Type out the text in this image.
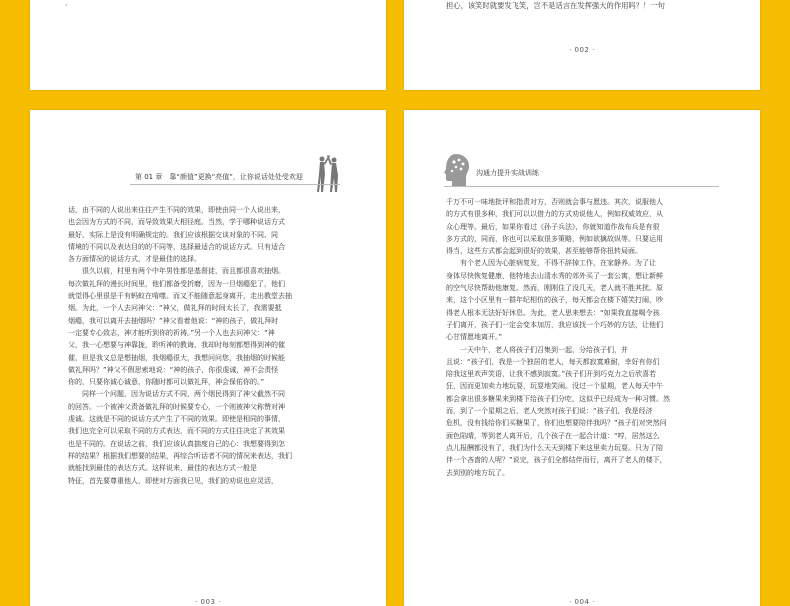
·	担心，该笑时就要发飞笑，岂不是话言在发挥强大的作用吗？！一句
· 002 ·
第 01 章　靠“颜值”更换“亮值”，让你说话处处受欢迎
话，由不同的人说出来往往产生不同的效果，即使由同一个人说出来，
也会因为方式的不同，而导致效果大相径庭。当然，学于哪种说话方式
最好，实际上是没有明确规定的。我们应该根据交谈对象的不同、同
情境的不同以及表达目的的不同等，选择最适合的说话方式。只有适合
各方面情况的说话方式，才是最佳的选择。
　　很久以前，村里有两个中年男性都是基督徒，而且都很喜欢抽烟。
每次做礼拜的漫长时间里，他们都备受折磨，因为一旦烟瘾犯了，他们
就觉得心里很是千有蚂蚁在啃噬。而又不能随意起身离开，走出教堂去抽
烟。为此，一个人去问神父：“神父，做礼拜的时间太长了，我需要抵
烟瘾，我可以离开去抽烟吗？”神父看着他说：“神的孩子，做礼拜时
一定要专心致志，神才能听到你的祈祷。”另一个人也去问神父：“神
父，我一心想要与神靠拢，聆听神的教诲，我却时每刻都想得到神的催
催，但是我又总是想抽烟，我烟瘾很大，我想问问您，我抽烟的时候能
做礼拜吗？”神父不假思索地说：“神的孩子，你很虔诚，神不会责怪
你的，只要你诚心诚意，你随时都可以做礼拜，神会保佑你的。”
　　同样一个问题，因为说话方式不同，两个烟民得到了神父截然不同
的回答。一个被神父责备做礼拜的时候要专心，一个则被神父称赞对神
虔诚。这就是不同的说话方式产生了不同的效果。即使是相同的事情，
我们也完全可以采取不同的方式表达，而不同的方式往往决定了其效果
也是不同的。在说话之前，我们应该认真揣度自己的心：我想要得到怎
样的结果？根据我们想要的结果，再综合听话者不同的情况来表达，我们
就能找到最佳的表达方式。这样说来，最佳的表达方式一般是
特征，首先要尊重他人，即使对方面我已见，我们的劝说也应灵活，
· 003 ·
沟通力提升实战训练
千万不可一味地批评和指责对方，否则就会事与愿违。其次，说服他人
的方式有很多种，我们可以以借力的方式劝说他人，例如权威效应，从
众心理等。最后，如果你看过《孙子兵法》，你就知道作战布兵是有很
多方式的，同而，你也可以采取很多策略，例如欲擒故纵等。只要运用
得当，这些方式都会起到很好的效果，甚至能够帮你扭转局面。
　　有个老人因为心脏病复发，不得不辞掉工作，在家静养。为了让
身体尽快恢复健康，他特地去山清水秀的郊外买了一套公寓，想让新鲜
的空气尽快帮助他康复。然而，刚刚住了没几天，老人就不胜其扰。原
来，这个小区里有一群年纪相仿的孩子，每天都会在楼下嬉笑打闹，吵
得老人根本无法好好休息。为此，老人思来想去：“如果我直接喝令孩
子们离开，孩子们一定会变本加厉，我应该找一个巧妙的方法，让他们
心甘情愿地离开。”
　　一天中午，老人将孩子们召集到一起，分给孩子们，并
且说：“孩子们，我是一个独居的老人，每天都寂寞难耐，幸好有你们
陪我这里欢声笑语，让我不感到寂寞。”孩子们开到巧克力之后欣喜若
狂，因而更加卖力地玩耍，玩耍地笑闹。没过一个星期，老人每天中午
都会拿出很多糖果来到楼下给孩子们分吃，这似乎已经成为一种习惯。然
而，到了一个星期之后，老人突然对孩子们说：“孩子们，我是经济
危机，没有钱给你们买糖果了，你们也想要陪伴我吗？”孩子们对突然问
面色陷晴，等到老人离开后，几个孩子在一起合计道：“哼，居然这么
点儿报酬都没有了，我们为什么天天到楼下来这里卖力玩耍。只为了陪
伴一个吝啬的人呢？”说完，孩子们全都结伴而行，离开了老人的楼下，
去到别的地方玩了。
· 004 ·
